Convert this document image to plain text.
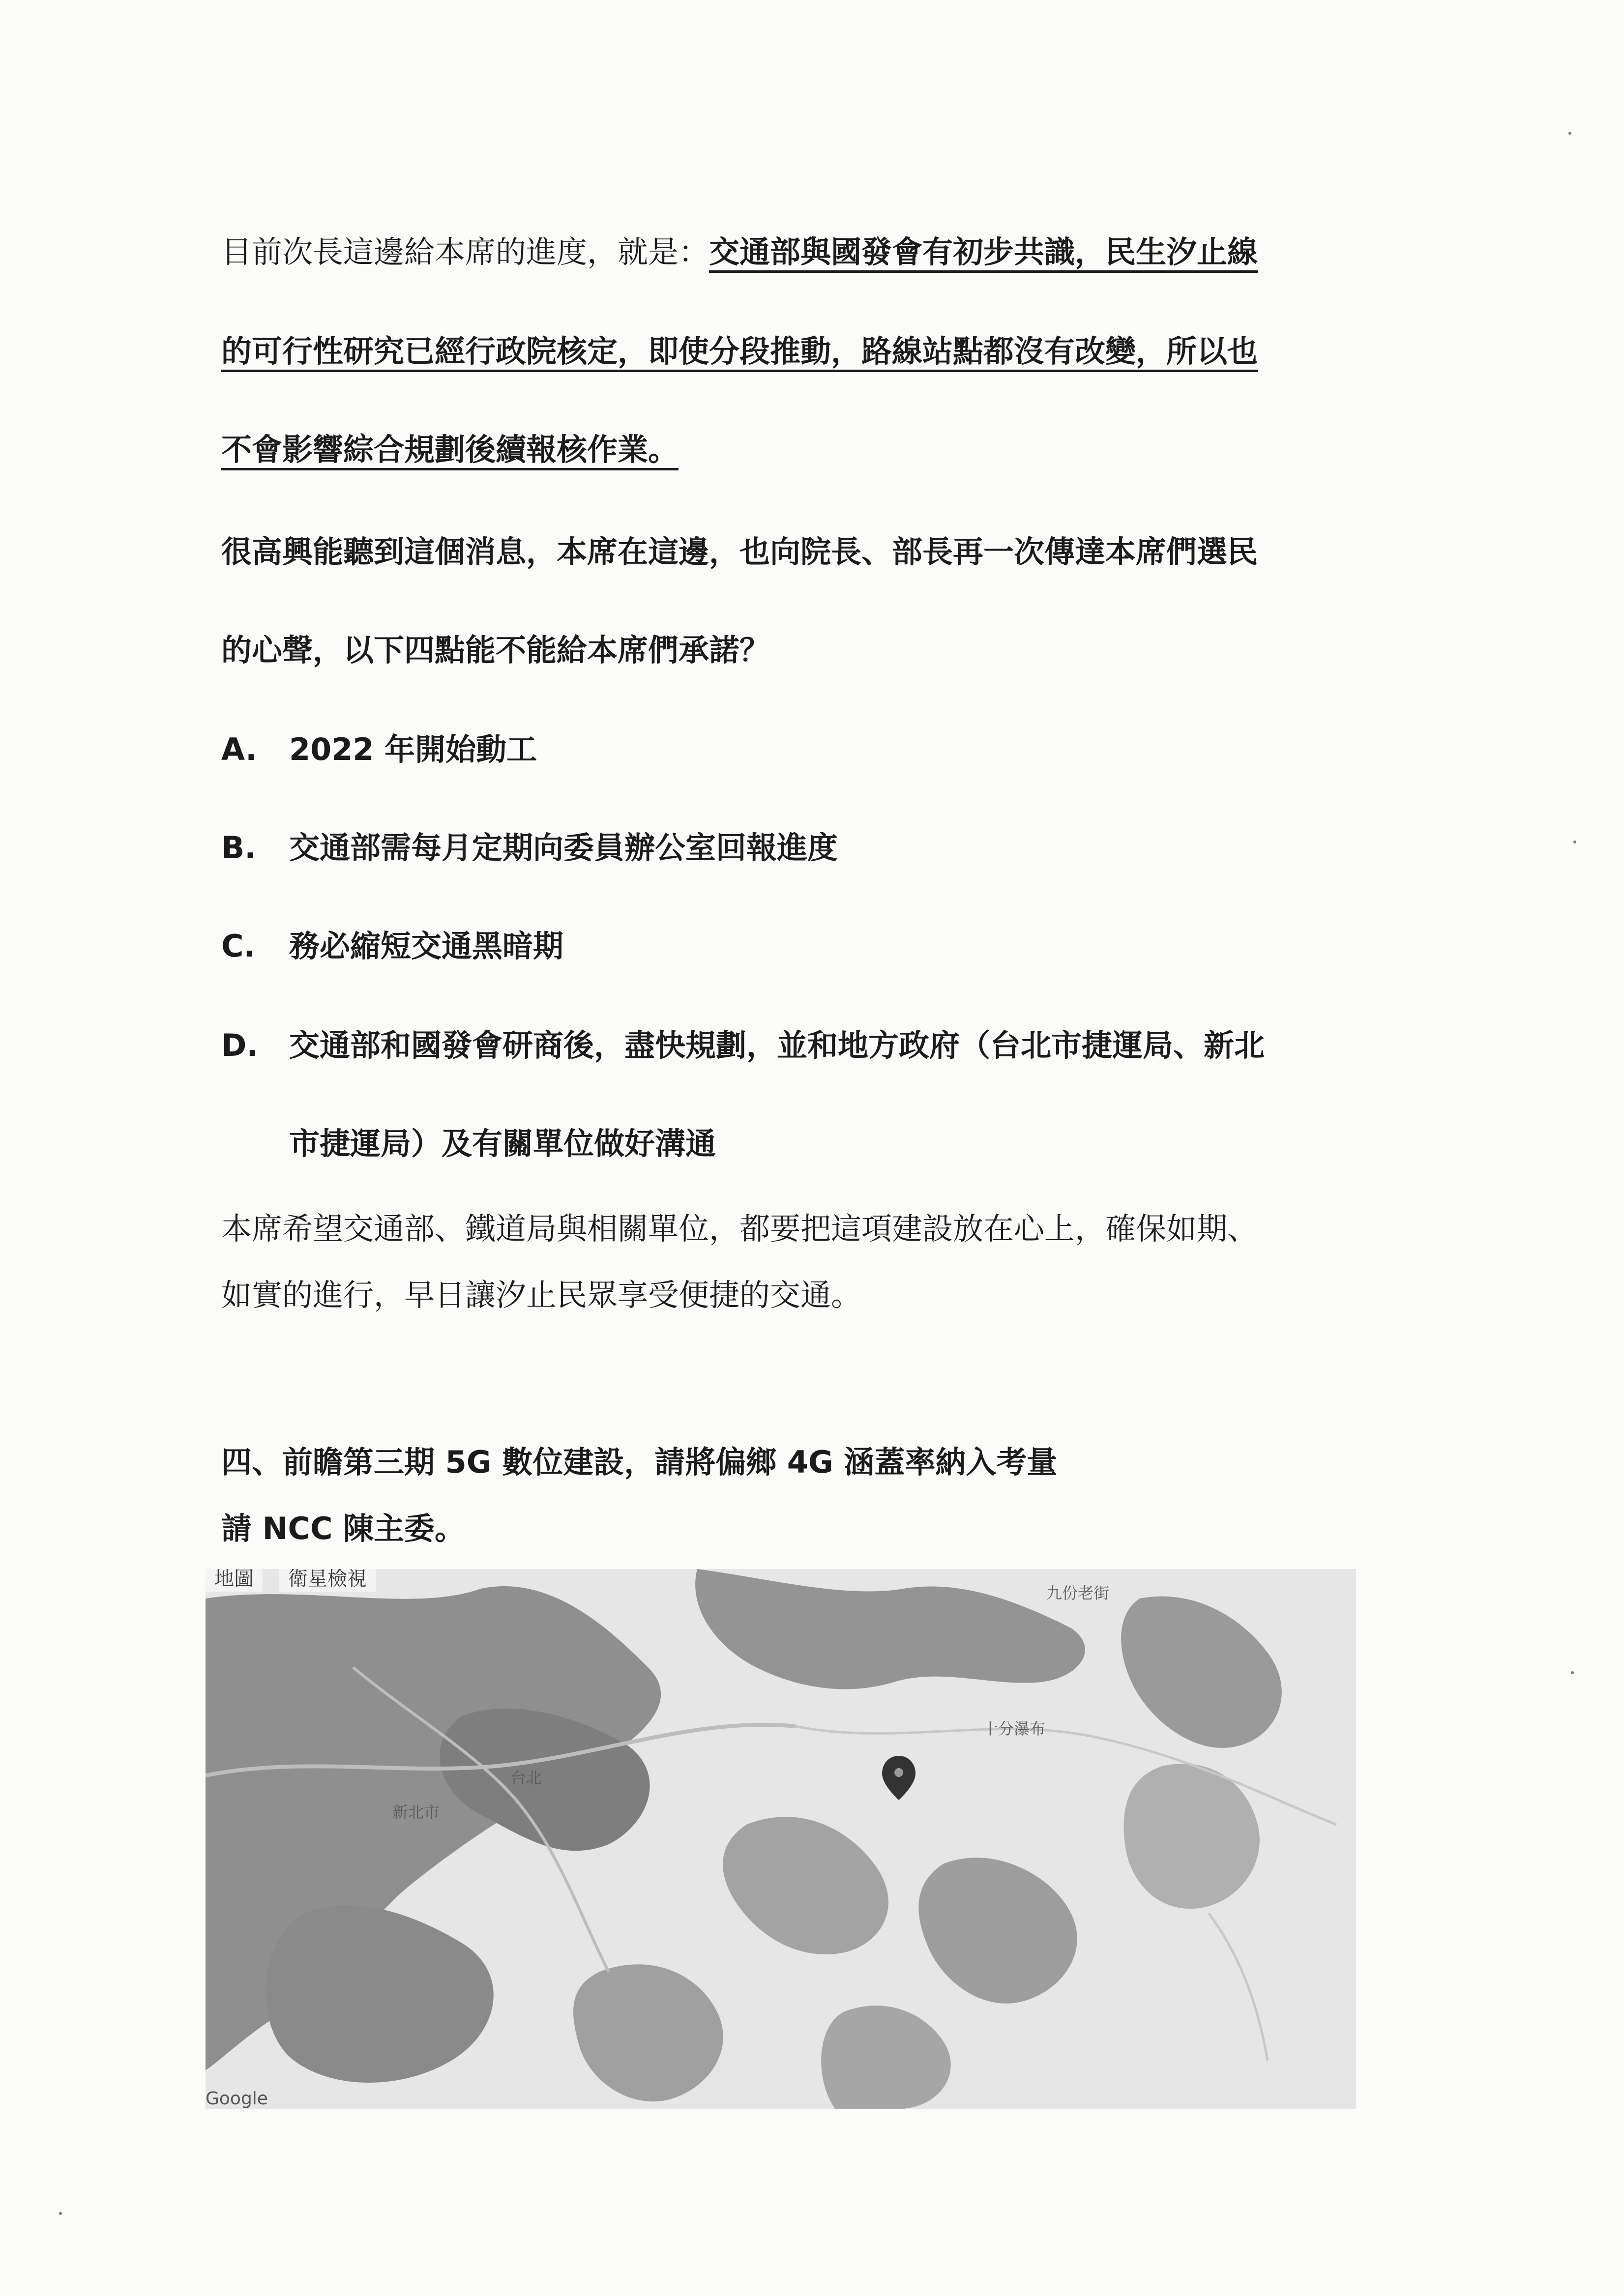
目前次長這邊給本席的進度，就是：交通部與國發會有初步共識，民生汐止線

的可行性研究已經行政院核定，即使分段推動，路線站點都沒有改變，所以也

不會影響綜合規劃後續報核作業。

很高興能聽到這個消息，本席在這邊，也向院長、部長再一次傳達本席們選民

的心聲，以下四點能不能給本席們承諾？

A. 2022 年開始動工
B. 交通部需每月定期向委員辦公室回報進度
C. 務必縮短交通黑暗期
D. 交通部和國發會研商後，盡快規劃，並和地方政府（台北市捷運局、新北
市捷運局）及有關單位做好溝通

本席希望交通部、鐵道局與相關單位，都要把這項建設放在心上，確保如期、

如實的進行，早日讓汐止民眾享受便捷的交通。

四、前瞻第三期 5G 數位建設，請將偏鄉 4G 涵蓋率納入考量

請 NCC 陳主委。

地圖	衛星檢視
九份老街
新北市
台北
十分瀑布
Google
